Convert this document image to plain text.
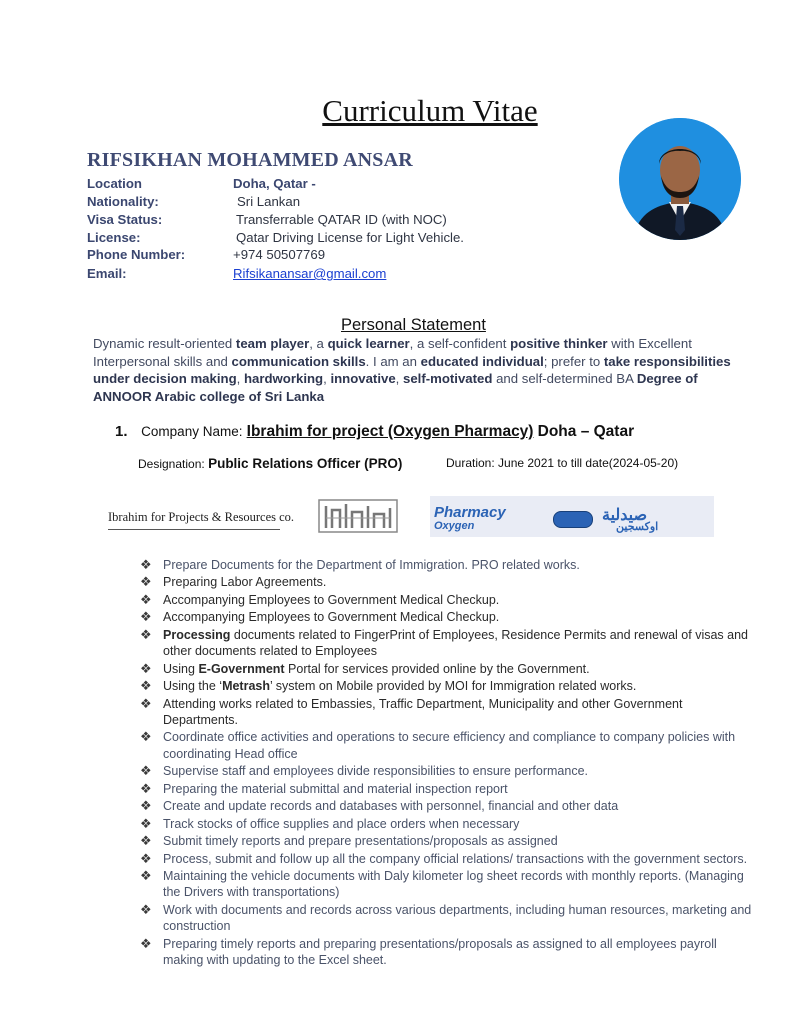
Curriculum Vitae
RIFSIKHAN MOHAMMED ANSAR
Location	Doha, Qatar -
Nationality:	Sri Lankan
Visa Status:	Transferrable QATAR ID (with NOC)
License:	Qatar Driving License for Light Vehicle.
Phone Number:	+974 50507769
Email:	Rifsikanansar@gmail.com
Personal Statement
Dynamic result-oriented team player, a quick learner, a self-confident positive thinker with Excellent Interpersonal skills and communication skills. I am an educated individual; prefer to take responsibilities under decision making, hardworking, innovative, self-motivated and self-determined BA Degree of ANNOOR Arabic college of Sri Lanka
1. Company Name: Ibrahim for project (Oxygen Pharmacy) Doha – Qatar
Designation: Public Relations Officer (PRO)	Duration: June 2021 to till date(2024-05-20)
Ibrahim for Projects & Resources co.	Pharmacy
Oxygen
صيدلية
اوكسجين
❖ Prepare Documents for the Department of Immigration. PRO related works.
❖ Preparing Labor Agreements.
❖ Accompanying Employees to Government Medical Checkup.
❖ Accompanying Employees to Government Medical Checkup.
❖ Processing documents related to FingerPrint of Employees, Residence Permits and renewal of visas and other documents related to Employees
❖ Using E-Government Portal for services provided online by the Government.
❖ Using the ‘Metrash’ system on Mobile provided by MOI for Immigration related works.
❖ Attending works related to Embassies, Traffic Department, Municipality and other Government Departments.
❖ Coordinate office activities and operations to secure efficiency and compliance to company policies with coordinating Head office
❖ Supervise staff and employees divide responsibilities to ensure performance.
❖ Preparing the material submittal and material inspection report
❖ Create and update records and databases with personnel, financial and other data
❖ Track stocks of office supplies and place orders when necessary
❖ Submit timely reports and prepare presentations/proposals as assigned
❖ Process, submit and follow up all the company official relations/ transactions with the government sectors.
❖ Maintaining the vehicle documents with Daly kilometer log sheet records with monthly reports. (Managing the Drivers with transportations)
❖ Work with documents and records across various departments, including human resources, marketing and construction
❖ Preparing timely reports and preparing presentations/proposals as assigned to all employees payroll making with updating to the Excel sheet.
